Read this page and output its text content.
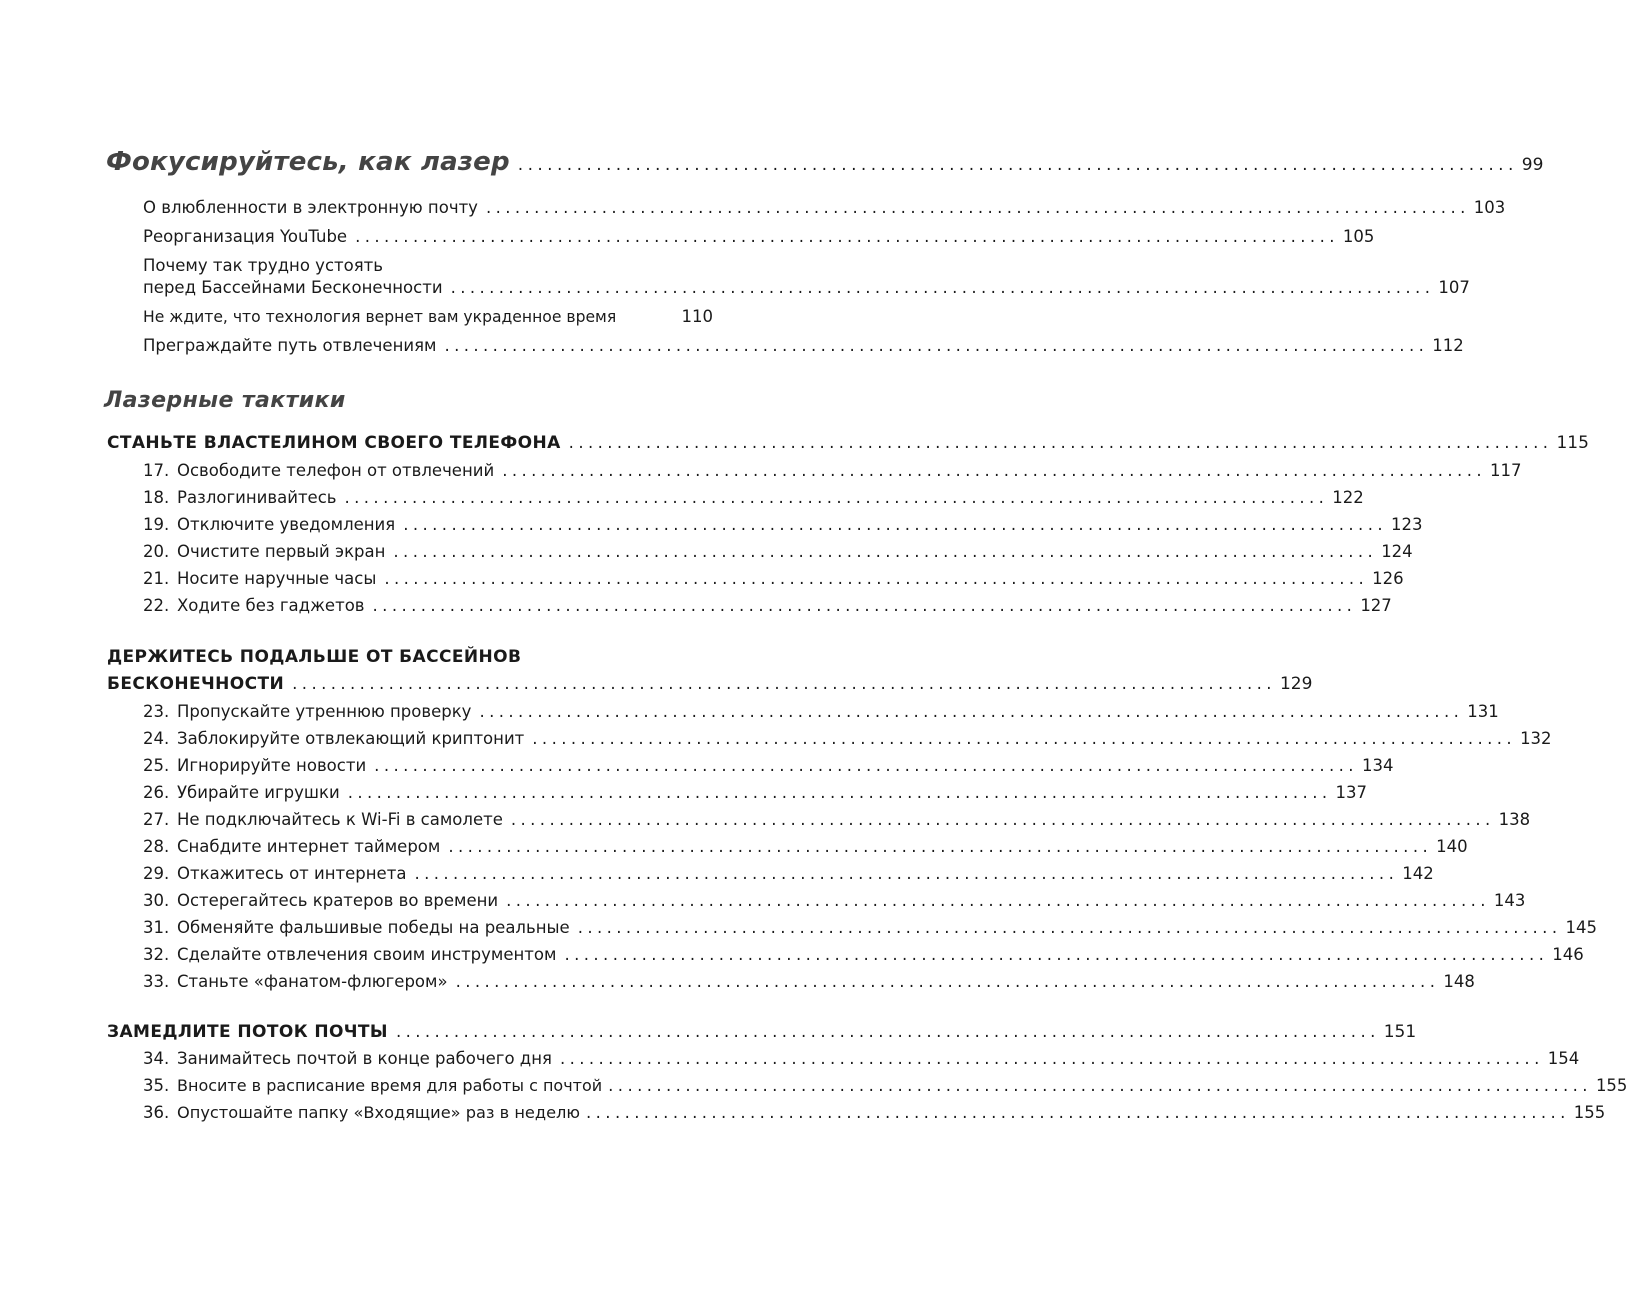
Фокусируйтесь, как лазер ...................................................................................................... 99
О влюбленности в электронную почту ...................................................................................................... 103
Реорганизация YouTube ...................................................................................................... 105
Почему так трудно устоять
перед Бассейнами Бесконечности ...................................................................................................... 107
Не ждите, что технология вернет вам украденное время	110
Преграждайте путь отвлечениям ...................................................................................................... 112
Лазерные тактики
СТАНЬТЕ ВЛАСТЕЛИНОМ СВОЕГО ТЕЛЕФОНА ...................................................................................................... 115
17. Освободите телефон от отвлечений ...................................................................................................... 117
18. Разлогинивайтесь ...................................................................................................... 122
19. Отключите уведомления ...................................................................................................... 123
20. Очистите первый экран ...................................................................................................... 124
21. Носите наручные часы ...................................................................................................... 126
22. Ходите без гаджетов ...................................................................................................... 127
ДЕРЖИТЕСЬ ПОДАЛЬШЕ ОТ БАССЕЙНОВ
БЕСКОНЕЧНОСТИ ...................................................................................................... 129
23. Пропускайте утреннюю проверку ...................................................................................................... 131
24. Заблокируйте отвлекающий криптонит ...................................................................................................... 132
25. Игнорируйте новости ...................................................................................................... 134
26. Убирайте игрушки ...................................................................................................... 137
27. Не подключайтесь к Wi-Fi в самолете ...................................................................................................... 138
28. Снабдите интернет таймером ...................................................................................................... 140
29. Откажитесь от интернета ...................................................................................................... 142
30. Остерегайтесь кратеров во времени ...................................................................................................... 143
31. Обменяйте фальшивые победы на реальные ...................................................................................................... 145
32. Сделайте отвлечения своим инструментом ...................................................................................................... 146
33. Станьте «фанатом-флюгером» ...................................................................................................... 148
ЗАМЕДЛИТЕ ПОТОК ПОЧТЫ ...................................................................................................... 151
34. Занимайтесь почтой в конце рабочего дня ...................................................................................................... 154
35. Вносите в расписание время для работы с почтой ...................................................................................................... 155
36. Опустошайте папку «Входящие» раз в неделю ...................................................................................................... 155
